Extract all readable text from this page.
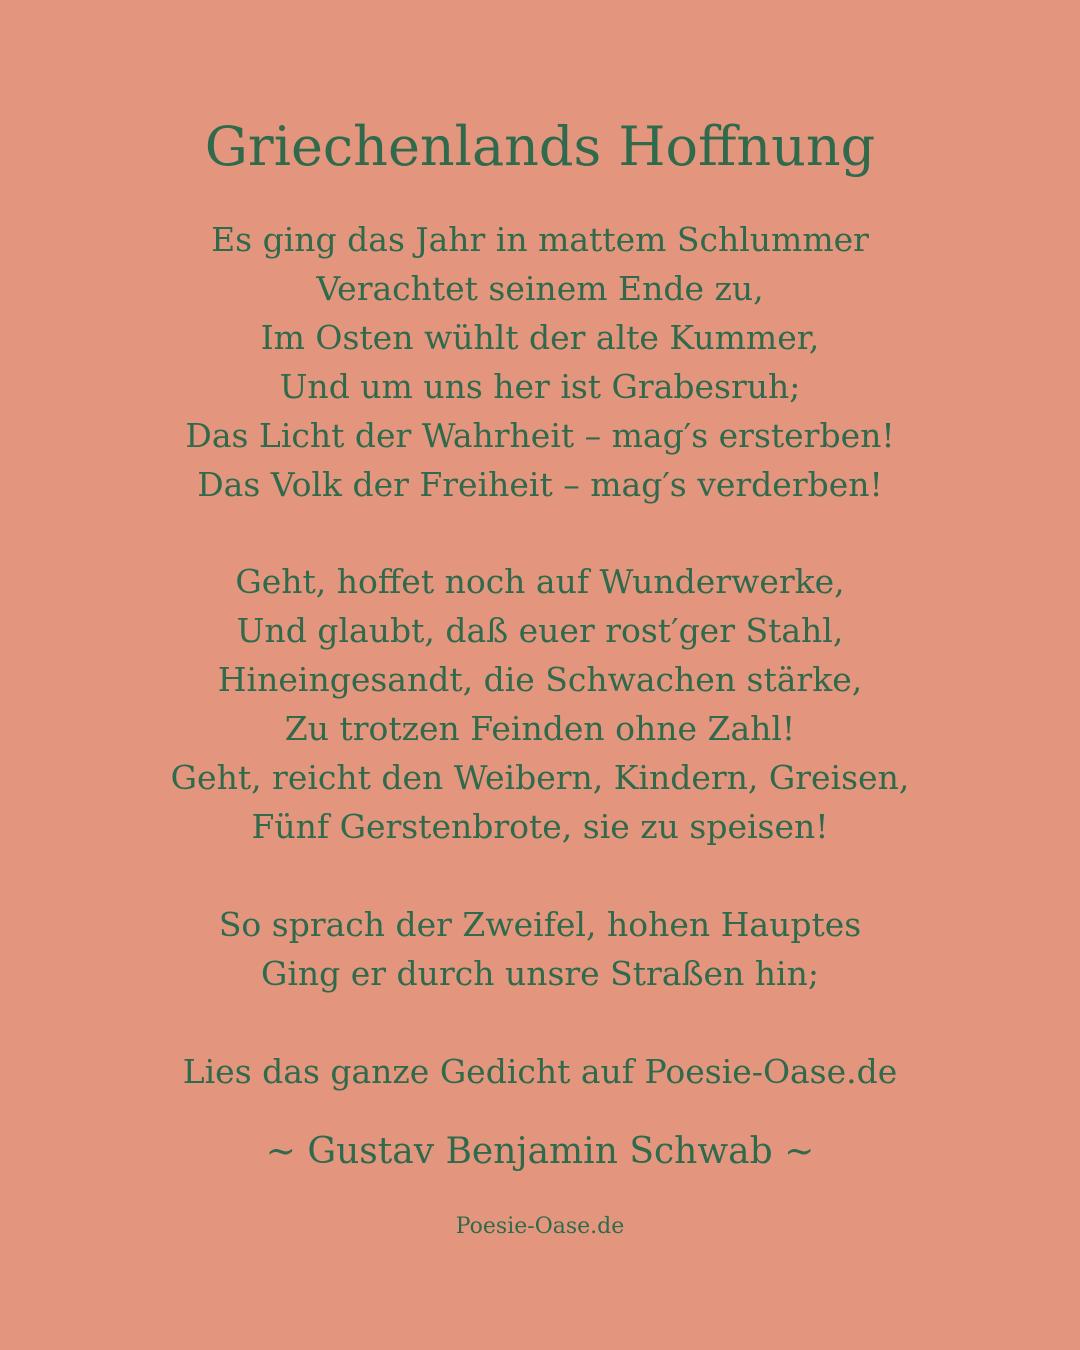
Griechenlands Hoffnung
Es ging das Jahr in mattem Schlummer
Verachtet seinem Ende zu,
Im Osten wühlt der alte Kummer,
Und um uns her ist Grabesruh;
Das Licht der Wahrheit – mag′s ersterben!
Das Volk der Freiheit – mag′s verderben!
Geht, hoffet noch auf Wunderwerke,
Und glaubt, daß euer rost′ger Stahl,
Hineingesandt, die Schwachen stärke,
Zu trotzen Feinden ohne Zahl!
Geht, reicht den Weibern, Kindern, Greisen,
Fünf Gerstenbrote, sie zu speisen!
So sprach der Zweifel, hohen Hauptes
Ging er durch unsre Straßen hin;
Lies das ganze Gedicht auf Poesie-Oase.de
~ Gustav Benjamin Schwab ~
Poesie-Oase.de
